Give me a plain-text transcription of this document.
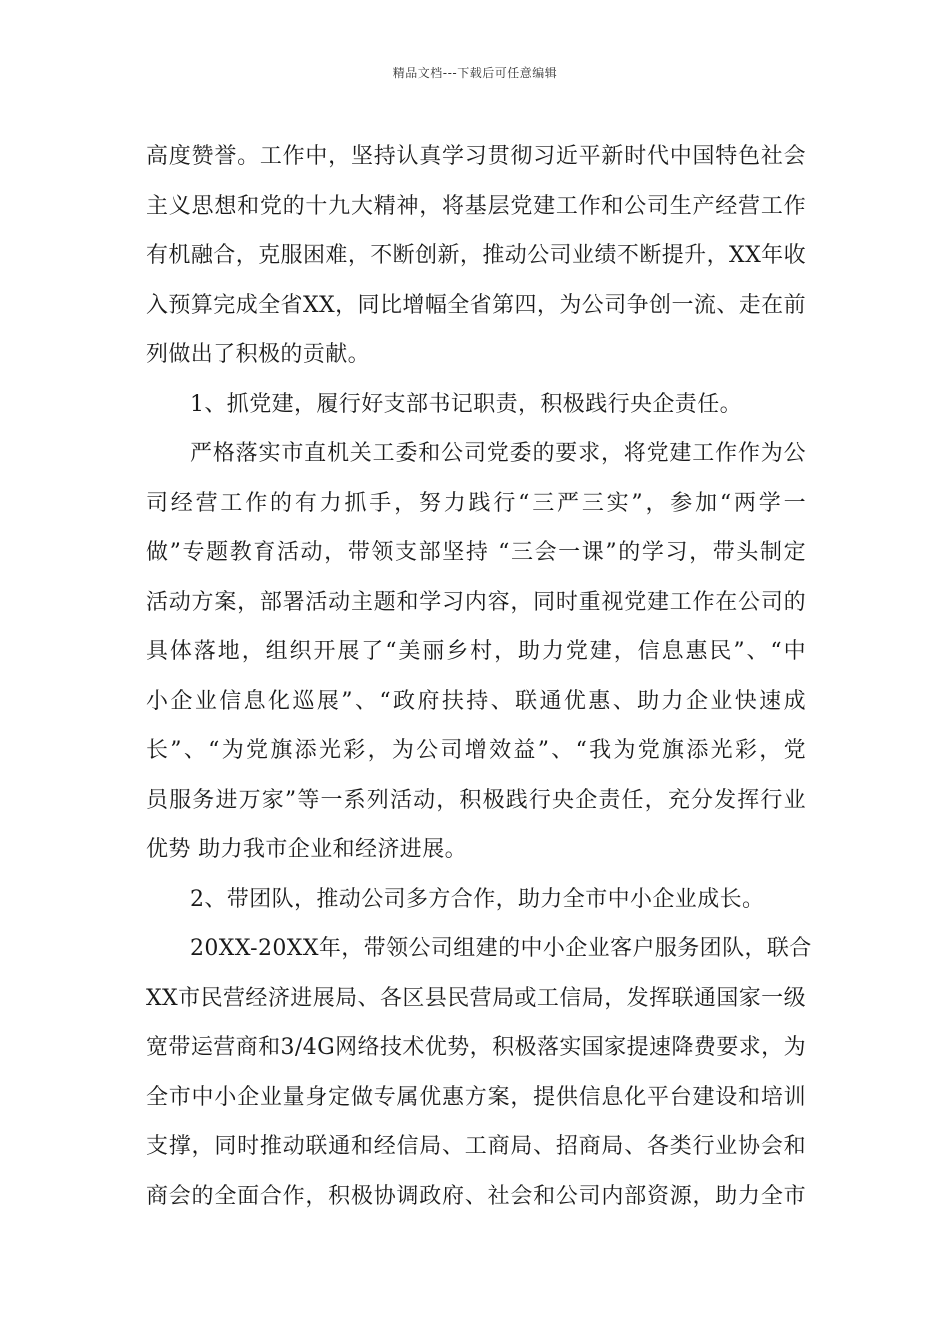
精品文档---下载后可任意编辑
高度赞誉。工作中，坚持认真学习贯彻习近平新时代中国特色社会
主义思想和党的十九大精神，将基层党建工作和公司生产经营工作
有机融合，克服困难，不断创新，推动公司业绩不断提升，XX年收
入预算完成全省XX，同比增幅全省第四，为公司争创一流、走在前
列做出了积极的贡献。
1、抓党建，履行好支部书记职责，积极践行央企责任。
严格落实市直机关工委和公司党委的要求，将党建工作作为公
司经营工作的有力抓手，努力践行“三严三实”，参加“两学一
做”专题教育活动，带领支部坚持 “三会一课”的学习，带头制定
活动方案，部署活动主题和学习内容，同时重视党建工作在公司的
具体落地，组织开展了“美丽乡村，助力党建，信息惠民”、“中
小企业信息化巡展”、“政府扶持、联通优惠、助力企业快速成
长”、“为党旗添光彩，为公司增效益”、“我为党旗添光彩，党
员服务进万家”等一系列活动，积极践行央企责任，充分发挥行业
优势 助力我市企业和经济进展。
2、带团队，推动公司多方合作，助力全市中小企业成长。
20XX-20XX年，带领公司组建的中小企业客户服务团队，联合
XX市民营经济进展局、各区县民营局或工信局，发挥联通国家一级
宽带运营商和3/4G网络技术优势，积极落实国家提速降费要求，为
全市中小企业量身定做专属优惠方案，提供信息化平台建设和培训
支撑，同时推动联通和经信局、工商局、招商局、各类行业协会和
商会的全面合作，积极协调政府、社会和公司内部资源，助力全市
